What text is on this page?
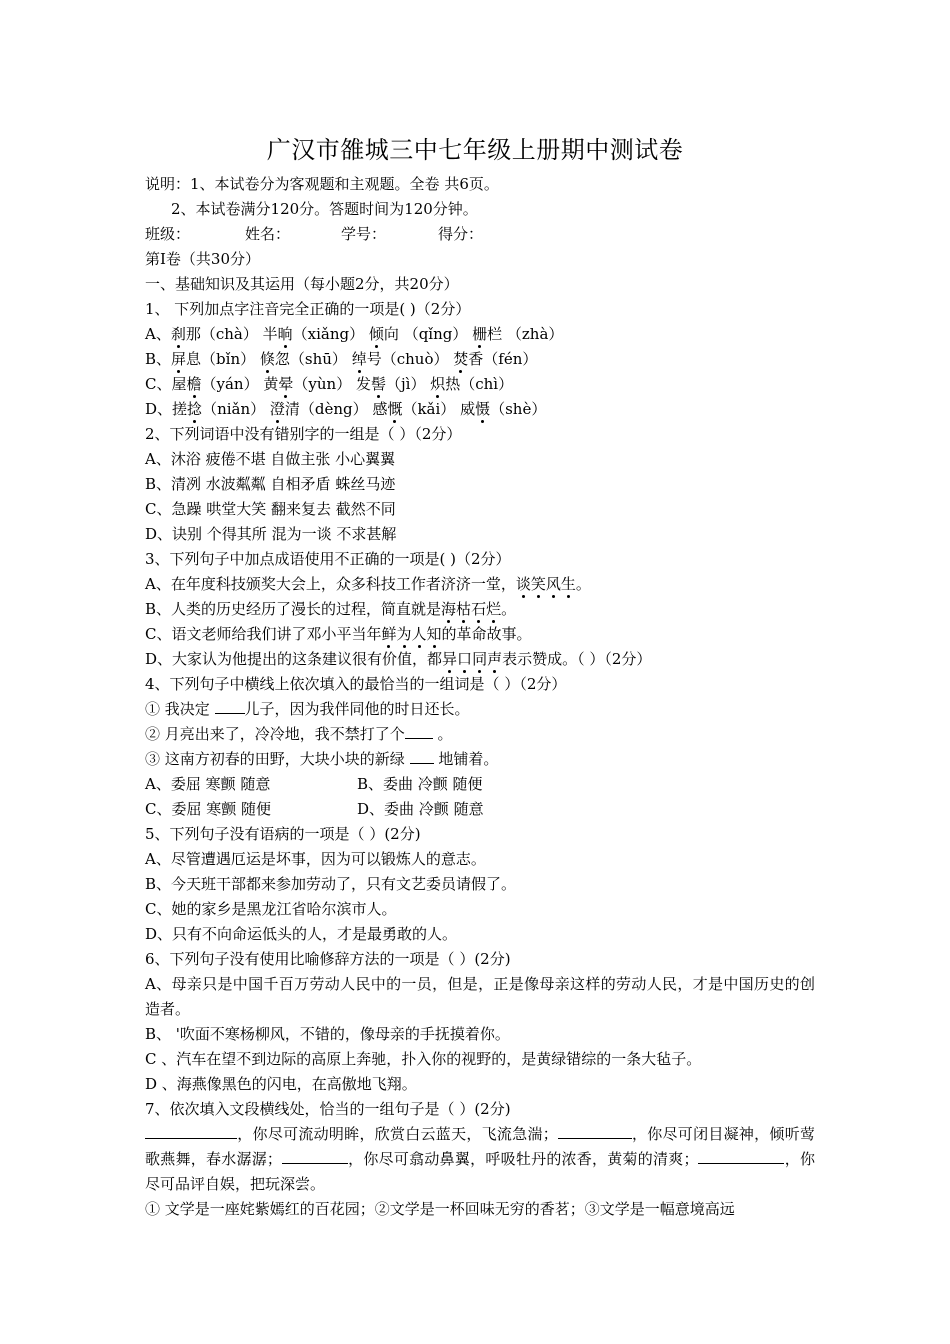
广汉市雒城三中七年级上册期中测试卷
说明：1、本试卷分为客观题和主观题。全卷 共6页。
2、本试卷满分120分。答题时间为120分钟。
班级：	姓名：	学号：	得分：
第Ⅰ卷（共30分）
一、基础知识及其运用（每小题2分，共20分）
1、 下列加点字注音完全正确的一项是( )（2分）
A、刹那（chà） 半晌（xiǎng） 倾向 （qǐng） 栅栏 （zhà）
B、屏息（bǐn） 倏忽（shū） 绰号（chuò） 焚香（fén）
C、屋檐（yán） 黄晕（yùn） 发髻（jì） 炽热（chì）
D、搓捻（niǎn） 澄清（dèng） 感慨（kǎi） 威慑（shè）
2、下列词语中没有错别字的一组是（ ）（2分）
A、沐浴 疲倦不堪 自做主张 小心翼翼
B、清冽 水波粼粼 自相矛盾 蛛丝马迹
C、急躁 哄堂大笑 翻来复去 截然不同
D、诀别 个得其所 混为一谈 不求甚解
3、下列句子中加点成语使用不正确的一项是( )（2分）
A、在年度科技颁奖大会上，众多科技工作者济济一堂，谈笑风生。
B、人类的历史经历了漫长的过程，简直就是海枯石烂。
C、语文老师给我们讲了邓小平当年鲜为人知的革命故事。
D、大家认为他提出的这条建议很有价值，都异口同声表示赞成。（ ）（2分）
4、下列句子中横线上依次填入的最恰当的一组词是（ ）（2分）
① 我决定 儿子，因为我伴同他的时日还长。
② 月亮出来了，冷冷地，我不禁打了个 。
③ 这南方初春的田野，大块小块的新绿  地铺着。
A、委屈 寒颤 随意	B、委曲 冷颤 随便
C、委屈 寒颤 随便	D、委曲 冷颤 随意
5、下列句子没有语病的一项是（ ）(2分)
A、尽管遭遇厄运是坏事，因为可以锻炼人的意志。
B、今天班干部都来参加劳动了，只有文艺委员请假了。
C、她的家乡是黑龙江省哈尔滨市人。
D、只有不向命运低头的人，才是最勇敢的人。
6、下列句子没有使用比喻修辞方法的一项是（ ）(2分)
A、母亲只是中国千百万劳动人民中的一员，但是，正是像母亲这样的劳动人民，才是中国历史的创造者。
B、 '吹面不寒杨柳风，不错的，像母亲的手抚摸着你。
C 、汽车在望不到边际的高原上奔驰，扑入你的视野的，是黄绿错综的一条大毡子。
D 、海燕像黑色的闪电，在高傲地飞翔。
7、依次填入文段横线处，恰当的一组句子是（ ）(2分)
，你尽可流动明眸，欣赏白云蓝天，飞流急湍；	，你尽可闭目凝神，倾听莺歌燕舞，春水潺潺；	，你尽可翕动鼻翼，呼吸牡丹的浓香，黄菊的清爽；	，你尽可品评自娱，把玩深尝。
① 文学是一座姹紫嫣红的百花园；②文学是一杯回味无穷的香茗；③文学是一幅意境高远
